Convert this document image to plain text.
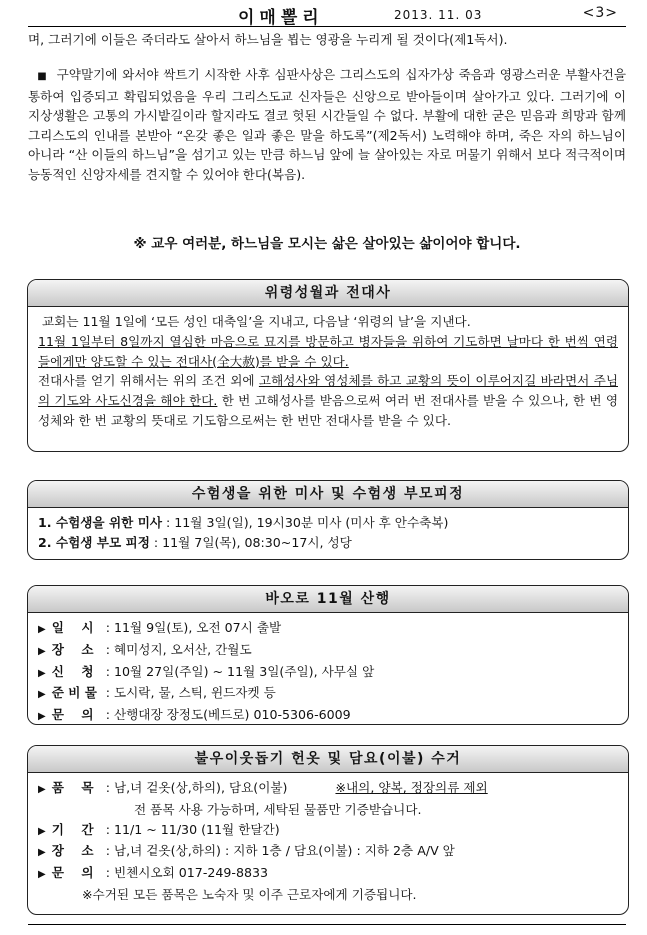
이매뽈리	2013. 11. 03	<3>
며, 그러기에 이들은 죽더라도 살아서 하느님을 뵙는 영광을 누리게 될 것이다(제1독서).
■ 구약말기에 와서야 싹트기 시작한 사후 심판사상은 그리스도의 십자가상 죽음과 영광스러운 부활사건을 통하여 입증되고 확립되었음을 우리 그리스도교 신자들은 신앙으로 받아들이며 살아가고 있다. 그러기에 이 지상생활은 고통의 가시밭길이라 할지라도 결코 헛된 시간들일 수 없다. 부활에 대한 굳은 믿음과 희망과 함께 그리스도의 인내를 본받아 “온갖 좋은 일과 좋은 말을 하도록”(제2독서) 노력해야 하며, 죽은 자의 하느님이 아니라 “산 이들의 하느님”을 섬기고 있는 만큼 하느님 앞에 늘 살아있는 자로 머물기 위해서 보다 적극적이며 능동적인 신앙자세를 견지할 수 있어야 한다(복음).
※ 교우 여러분, 하느님을 모시는 삶은 살아있는 삶이어야 합니다.
위령성월과 전대사
교회는 11월 1일에 ‘모든 성인 대축일’을 지내고, 다음날 ‘위령의 날’을 지낸다.
11월 1일부터 8일까지 열심한 마음으로 묘지를 방문하고 병자들을 위하여 기도하면 날마다 한 번씩 연령들에게만 양도할 수 있는 전대사(全大赦)를 받을 수 있다.
전대사를 얻기 위해서는 위의 조건 외에 고해성사와 영성체를 하고 교황의 뜻이 이루어지길 바라면서 주님의 기도와 사도신경을 해야 한다. 한 번 고해성사를 받음으로써 여러 번 전대사를 받을 수 있으나, 한 번 영성체와 한 번 교황의 뜻대로 기도함으로써는 한 번만 전대사를 받을 수 있다.
수험생을 위한 미사 및 수험생 부모피정
1. 수험생을 위한 미사 : 11월 3일(일), 19시30분 미사 (미사 후 안수축복)
2. 수험생 부모 피정 : 11월 7일(목), 08:30~17시, 성당
바오로 11월 산행
▶ 일    시 : 11월 9일(토), 오전 07시 출발
▶ 장    소 : 혜미성지, 오서산, 간월도
▶ 신    청 : 10월 27일(주일) ~ 11월 3일(주일), 사무실 앞
▶ 준 비 물 : 도시락, 물, 스틱, 윈드자켓 등
▶ 문    의 : 산행대장 장정도(베드로) 010-5306-6009
불우이웃돕기 헌옷 및 담요(이불) 수거
▶ 품    목 : 남,녀 겉옷(상,하의), 담요(이불)	※내의, 양복, 정장의류 제외
전 품목 사용 가능하며, 세탁된 물품만 기증받습니다.
▶ 기    간 : 11/1 ~ 11/30 (11월 한달간)
▶ 장    소 : 남,녀 겉옷(상,하의) : 지하 1층 / 담요(이불) : 지하 2층 A/V 앞
▶ 문    의 : 빈첸시오회 017-249-8833
※수거된 모든 품목은 노숙자 및 이주 근로자에게 기증됩니다.
